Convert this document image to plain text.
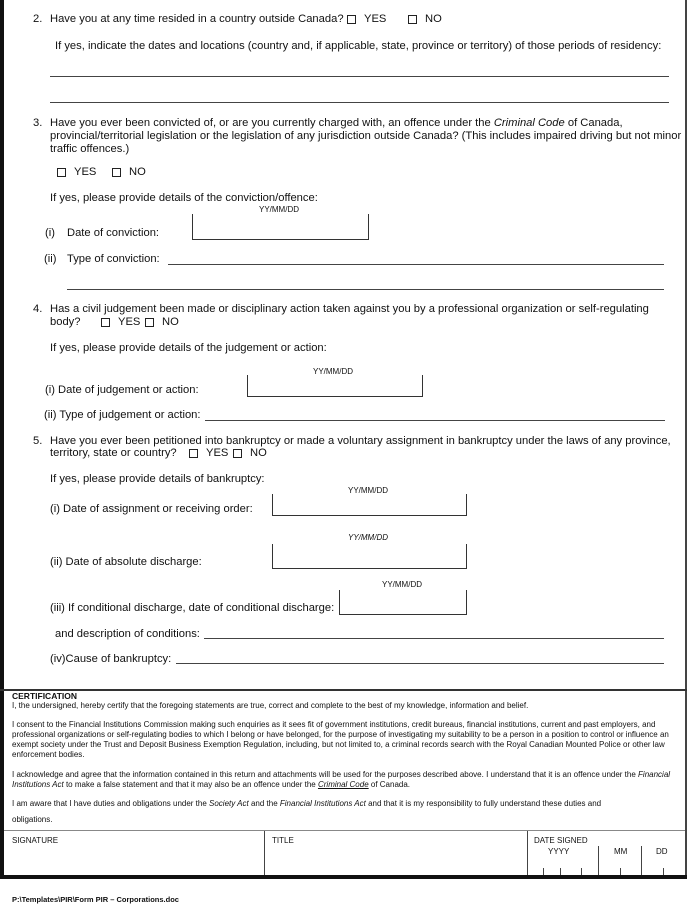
2. Have you at any time resided in a country outside Canada? YES	NO
If yes, indicate the dates and locations (country and, if applicable, state, province or territory) of those periods of residency:
3. Have you ever been convicted of, or are you currently charged with, an offence under the Criminal Code of Canada,
provincial/territorial legislation or the legislation of any jurisdiction outside Canada? (This includes impaired driving but not minor
traffic offences.)
YES	NO
If yes, please provide details of the conviction/offence:
YY/MM/DD
(i) Date of conviction:
(ii) Type of conviction:
4. Has a civil judgement been made or disciplinary action taken against you by a professional organization or self-regulating
body?	YES NO
If yes, please provide details of the judgement or action:
YY/MM/DD
(i) Date of judgement or action:
(ii) Type of judgement or action:
5. Have you ever been petitioned into bankruptcy or made a voluntary assignment in bankruptcy under the laws of any province,
territory, state or country?	YES NO
If yes, please provide details of bankruptcy:
YY/MM/DD
(i) Date of assignment or receiving order:
YY/MM/DD
(ii) Date of absolute discharge:
YY/MM/DD
(iii) If conditional discharge, date of conditional discharge:
and description of conditions:
(iv)Cause of bankruptcy:
CERTIFICATION
I, the undersigned, hereby certify that the foregoing statements are true, correct and complete to the best of my knowledge, information and belief.
I consent to the Financial Institutions Commission making such enquiries as it sees fit of government institutions, credit bureaus, financial institutions, current and past employers, and professional organizations or self-regulating bodies to which I belong or have belonged, for the purpose of investigating my suitability to be a person in a position to control or influence an exempt society under the Trust and Deposit Business Exemption Regulation, including, but not limited to, a criminal records search with the Royal Canadian Mounted Police or other law enforcement bodies.
I acknowledge and agree that the information contained in this return and attachments will be used for the purposes described above. I understand that it is an offence under the Financial Institutions Act to make a false statement and that it may also be an offence under the Criminal Code of Canada.
I am aware that I have duties and obligations under the Society Act and the Financial Institutions Act and that it is my responsibility to fully understand these duties and
obligations.
SIGNATURE	TITLE	DATE SIGNED
YYYY	MM	DD
P:\Templates\PIR\Form PIR – Corporations.doc
